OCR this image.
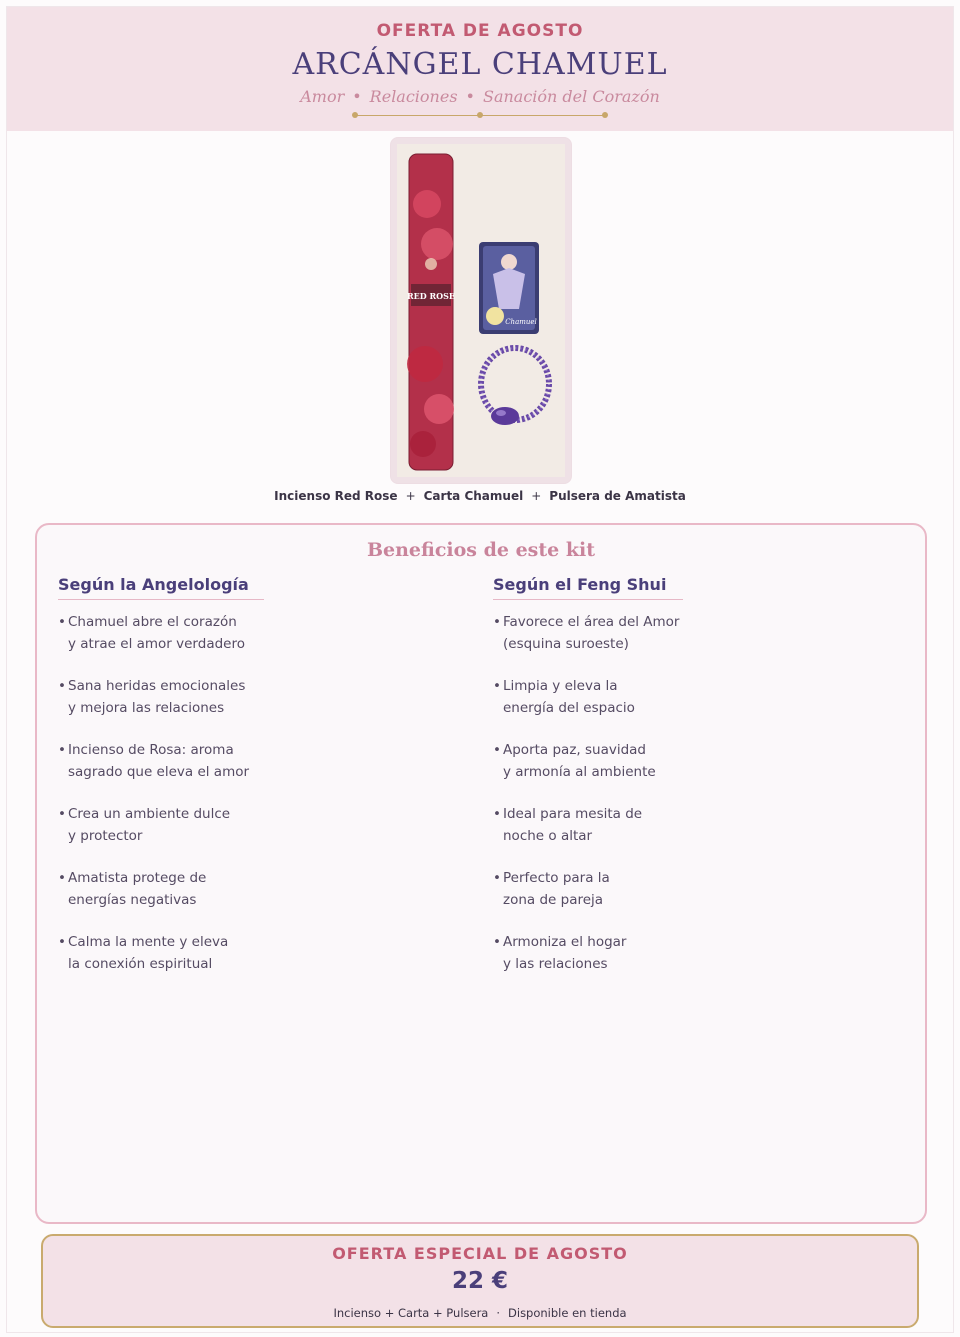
OFERTA DE AGOSTO
ARCÁNGEL CHAMUEL
Amor • Relaciones • Sanación del Corazón
RED ROSE
Chamuel
Incienso Red Rose + Carta Chamuel + Pulsera de Amatista
Beneficios de este kit
Según la Angelología
• Chamuel abre el corazón
y atrae el amor verdadero
• Sana heridas emocionales
y mejora las relaciones
• Incienso de Rosa: aroma
sagrado que eleva el amor
• Crea un ambiente dulce
y protector
• Amatista protege de
energías negativas
• Calma la mente y eleva
la conexión espiritual
Según el Feng Shui
• Favorece el área del Amor
(esquina suroeste)
• Limpia y eleva la
energía del espacio
• Aporta paz, suavidad
y armonía al ambiente
• Ideal para mesita de
noche o altar
• Perfecto para la
zona de pareja
• Armoniza el hogar
y las relaciones
OFERTA ESPECIAL DE AGOSTO
22 €
Incienso + Carta + Pulsera · Disponible en tienda
